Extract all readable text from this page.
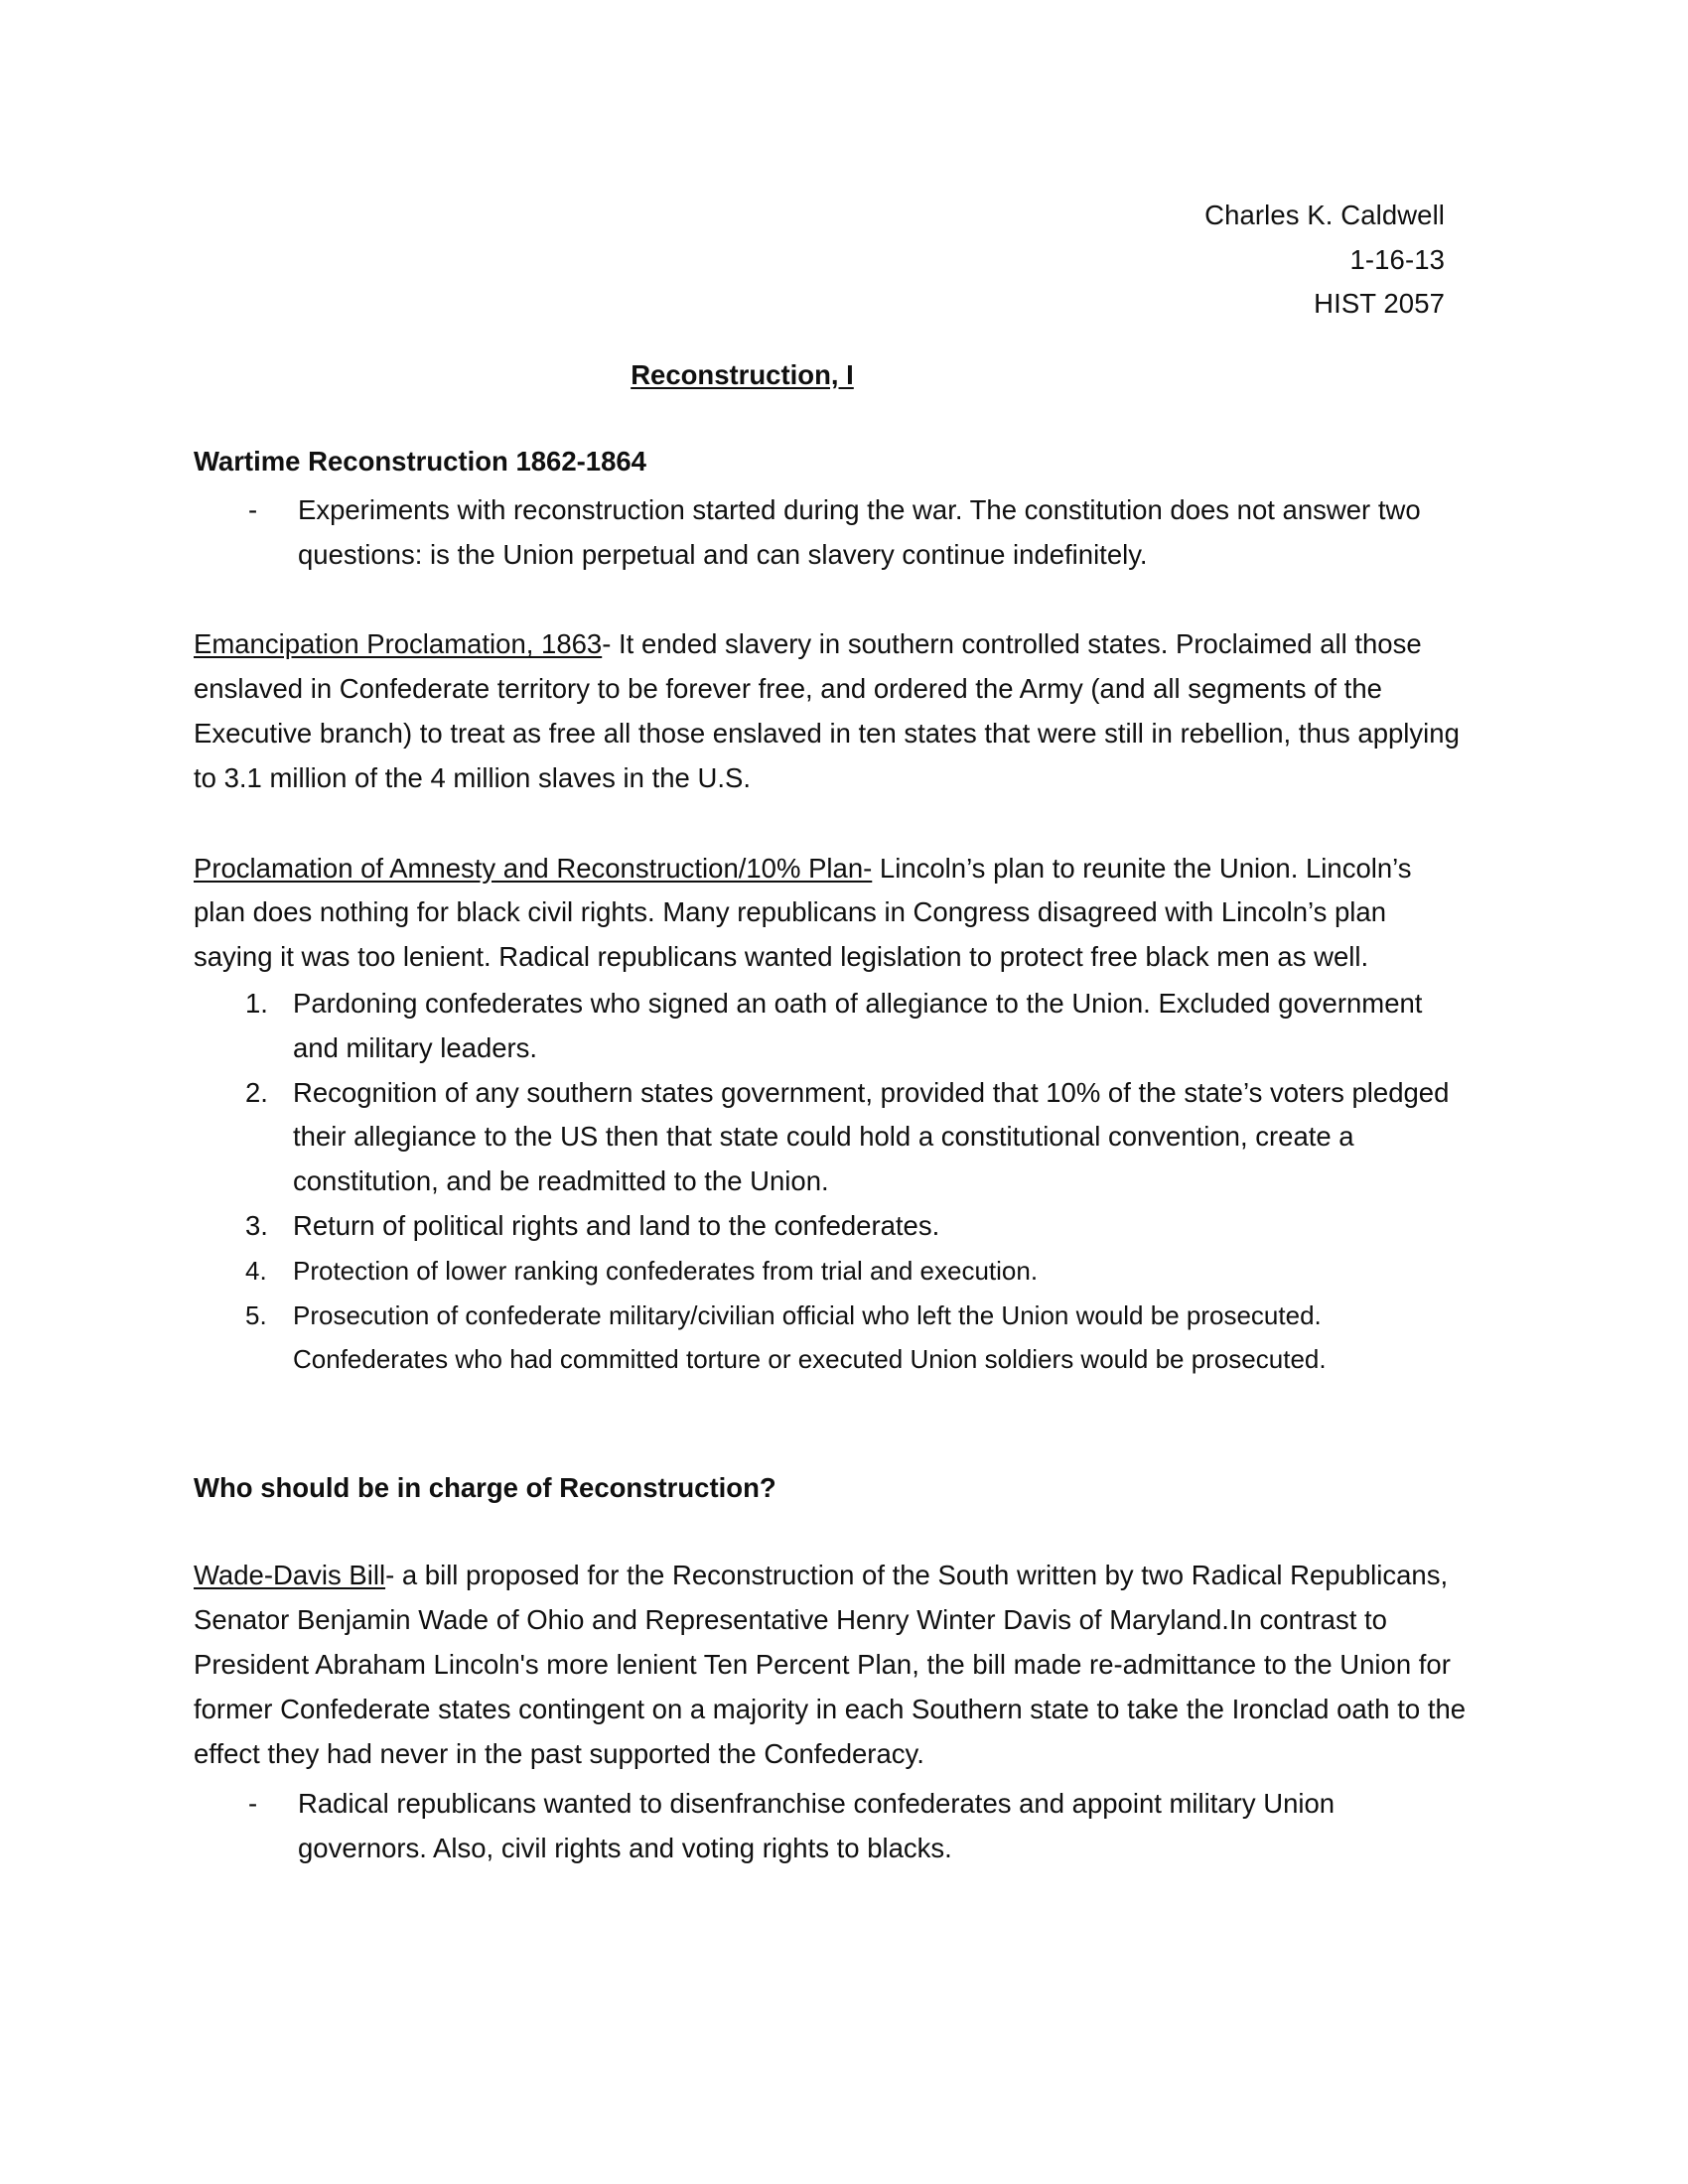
Charles K. Caldwell
1-16-13
HIST 2057
Reconstruction, I
Wartime Reconstruction 1862-1864
-	Experiments with reconstruction started during the war. The constitution does not answer two questions: is the Union perpetual and can slavery continue indefinitely.

Emancipation Proclamation, 1863- It ended slavery in southern controlled states. Proclaimed all those enslaved in Confederate territory to be forever free, and ordered the Army (and all segments of the Executive branch) to treat as free all those enslaved in ten states that were still in rebellion, thus applying to 3.1 million of the 4 million slaves in the U.S.

Proclamation of Amnesty and Reconstruction/10% Plan- Lincoln’s plan to reunite the Union. Lincoln’s plan does nothing for black civil rights. Many republicans in Congress disagreed with Lincoln’s plan saying it was too lenient. Radical republicans wanted legislation to protect free black men as well.

1. Pardoning confederates who signed an oath of allegiance to the Union. Excluded government and military leaders.
2. Recognition of any southern states government, provided that 10% of the state’s voters pledged their allegiance to the US then that state could hold a constitutional convention, create a constitution, and be readmitted to the Union.
3. Return of political rights and land to the confederates.
4.	Protection of lower ranking confederates from trial and execution.
5.	Prosecution of confederate military/civilian official who left the Union would be prosecuted. Confederates who had committed torture or executed Union soldiers would be prosecuted.
Who should be in charge of Reconstruction?

Wade-Davis Bill- a bill proposed for the Reconstruction of the South written by two Radical Republicans, Senator Benjamin Wade of Ohio and Representative Henry Winter Davis of Maryland.In contrast to President Abraham Lincoln's more lenient Ten Percent Plan, the bill made re-admittance to the Union for former Confederate states contingent on a majority in each Southern state to take the Ironclad oath to the effect they had never in the past supported the Confederacy.

-	Radical republicans wanted to disenfranchise confederates and appoint military Union governors. Also, civil rights and voting rights to blacks.
